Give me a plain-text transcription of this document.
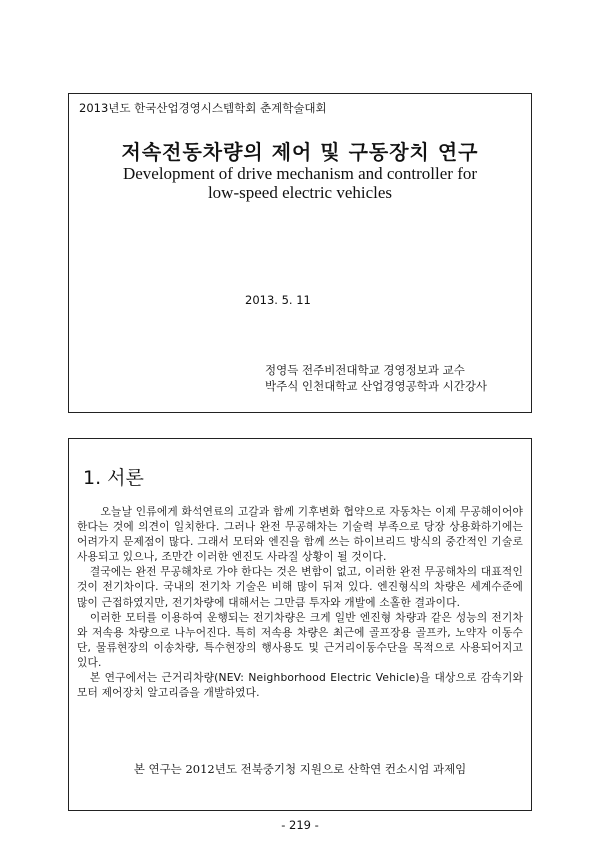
2013년도 한국산업경영시스템학회 춘계학술대회
저속전동차량의 제어 및 구동장치 연구
Development of drive mechanism and controller for
low-speed electric vehicles
2013. 5. 11
정영득 전주비전대학교 경영정보과 교수
박주식 인천대학교 산업경영공학과 시간강사
1. 서론

오늘날 인류에게 화석연료의 고갈과 함께 기후변화 협약으로 자동차는 이제 무공해이어야 한다는 것에 의견이 일치한다. 그러나 완전 무공해차는 기술력 부족으로 당장 상용화하기에는 어려가지 문제점이 많다. 그래서 모터와 엔진을 함께 쓰는 하이브리드 방식의 중간적인 기술로 사용되고 있으나, 조만간 이러한 엔진도 사라질 상황이 될 것이다.

결국에는 완전 무공해차로 가야 한다는 것은 변함이 없고, 이러한 완전 무공해차의 대표적인 것이 전기차이다. 국내의 전기차 기술은 비해 많이 뒤져 있다. 엔진형식의 차량은 세계수준에 많이 근접하였지만, 전기차량에 대해서는 그만큼 투자와 개발에 소홀한 결과이다.

이러한 모터를 이용하여 운행되는 전기차량은 크게 일반 엔진형 차량과 같은 성능의 전기차와 저속용 차량으로 나누어진다. 특히 저속용 차량은 최근에 골프장용 골프카, 노약자 이동수단, 물류현장의 이송차량, 특수현장의 행사용도 및 근거리이동수단을 목적으로 사용되어지고 있다.

본 연구에서는 근거리차량(NEV: Neighborhood Electric Vehicle)을 대상으로 감속기와 모터 제어장치 알고리즘을 개발하였다.

본 연구는 2012년도 전북중기청 지원으로 산학연 컨소시엄 과제임
- 219 -
